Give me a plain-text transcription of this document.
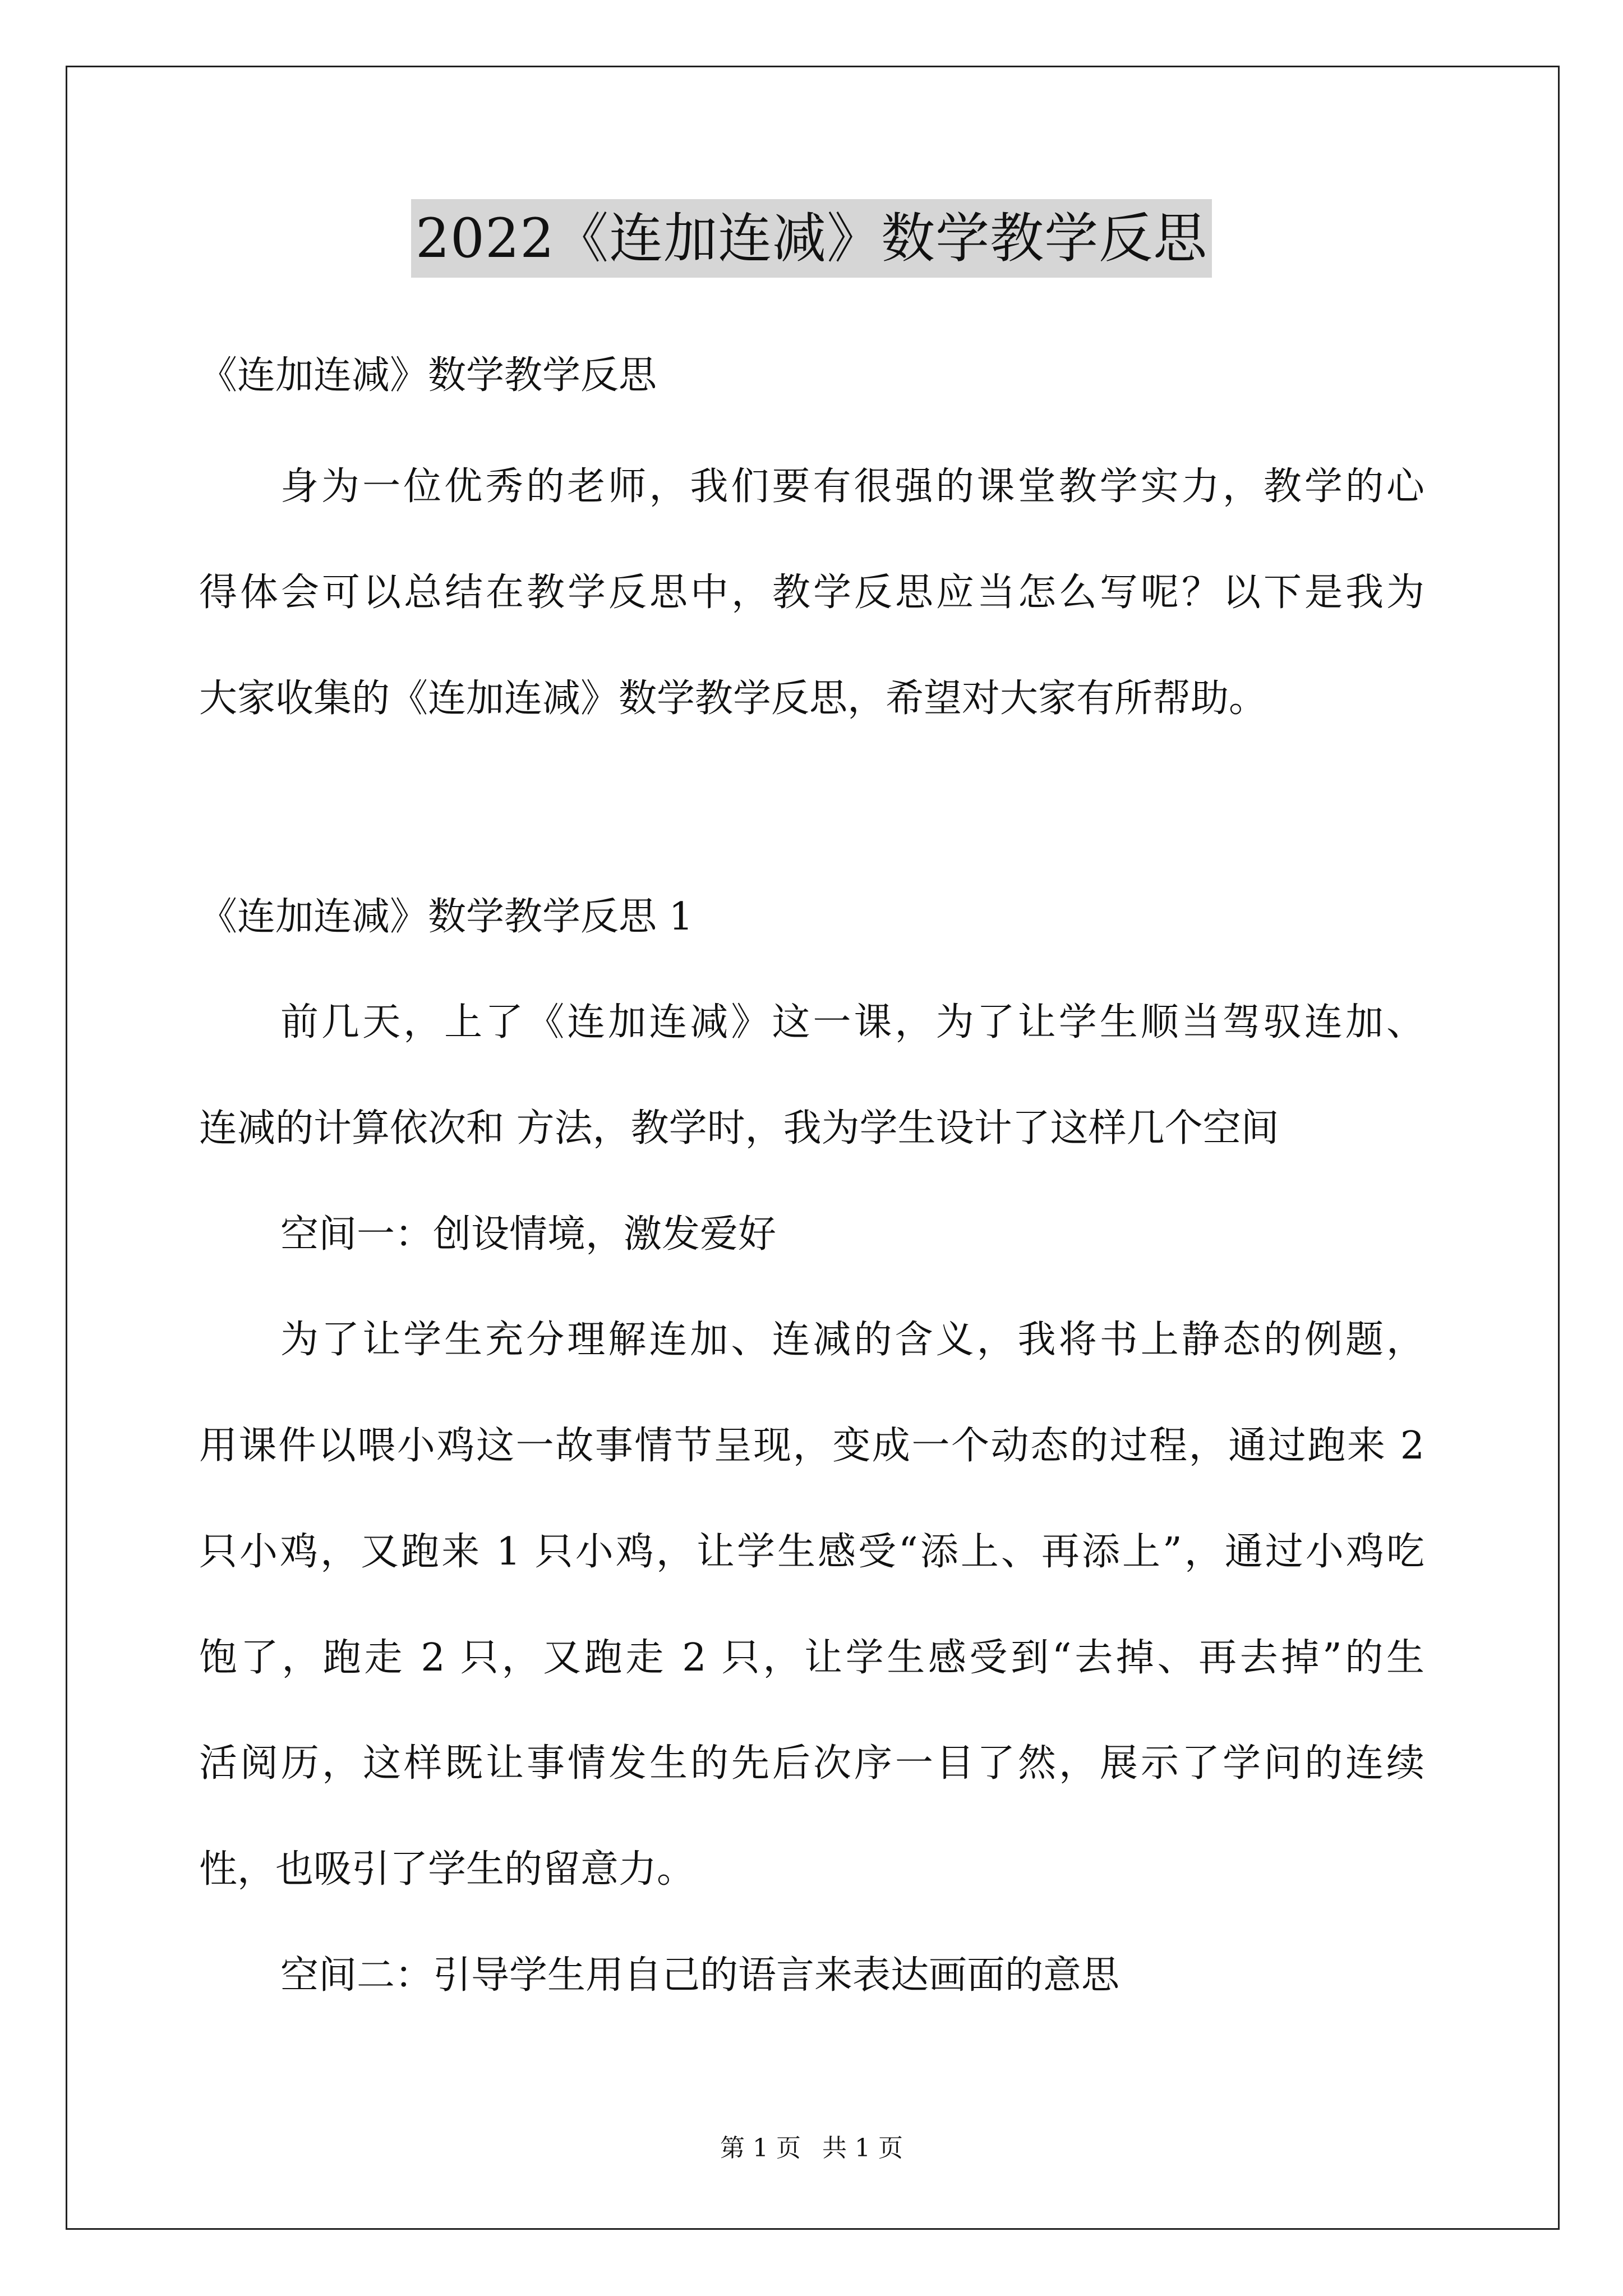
2022《连加连减》数学教学反思
《连加连减》数学教学反思
身为一位优秀的老师，我们要有很强的课堂教学实力，教学的心
得体会可以总结在教学反思中，教学反思应当怎么写呢？以下是我为
大家收集的《连加连减》数学教学反思，希望对大家有所帮助。
《连加连减》数学教学反思 1
前几天，上了《连加连减》这一课，为了让学生顺当驾驭连加、
连减的计算依次和 方法，教学时，我为学生设计了这样几个空间
空间一：创设情境，激发爱好
为了让学生充分理解连加、连减的含义，我将书上静态的例题，
用课件以喂小鸡这一故事情节呈现，变成一个动态的过程，通过跑来 2
只小鸡，又跑来 1 只小鸡，让学生感受“添上、再添上”，通过小鸡吃
饱了，跑走 2 只，又跑走 2 只，让学生感受到“去掉、再去掉”的生
活阅历，这样既让事情发生的先后次序一目了然，展示了学问的连续
性，也吸引了学生的留意力。
空间二：引导学生用自己的语言来表达画面的意思
第 1 页 共 1 页
